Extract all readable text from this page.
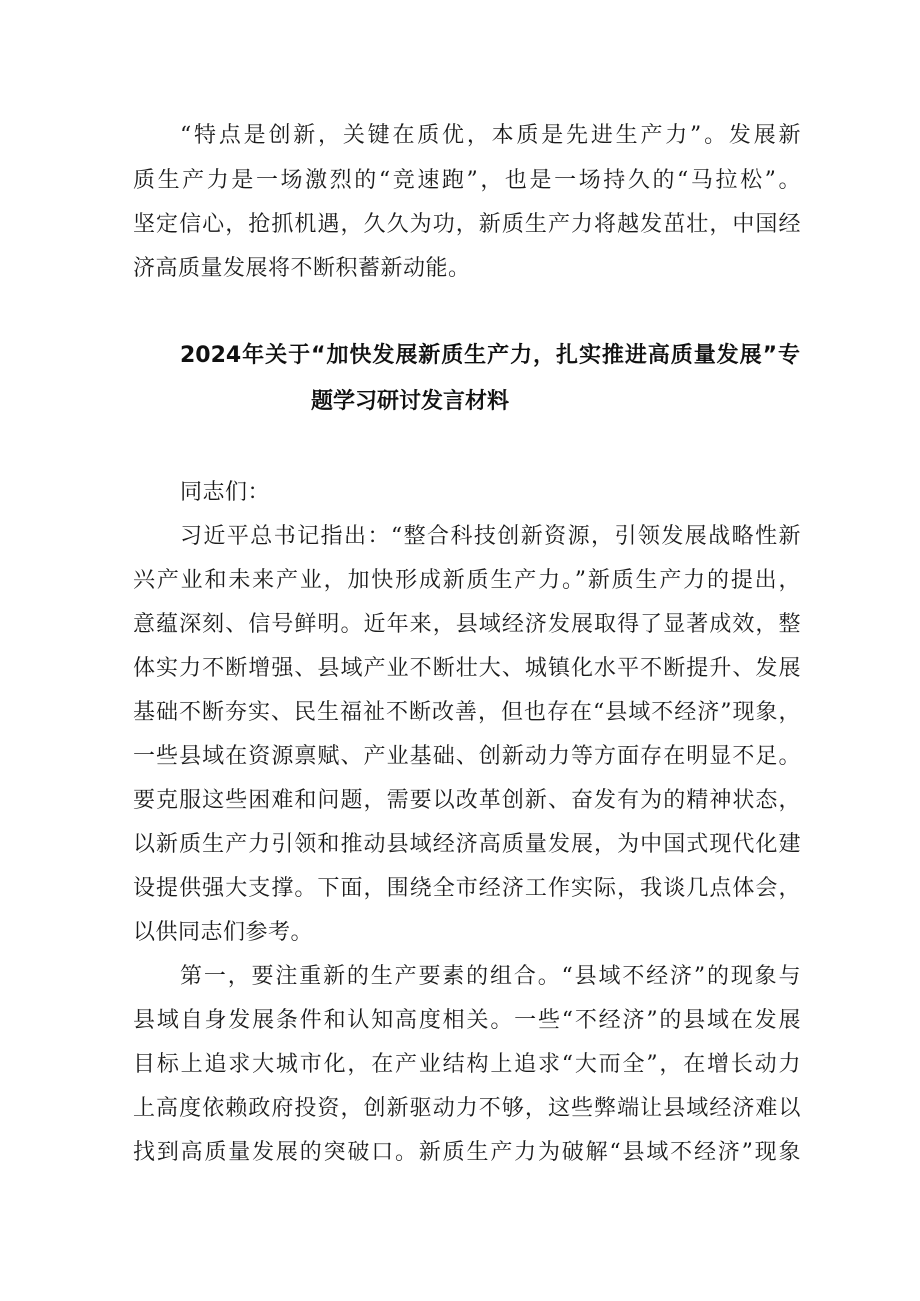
“特点是创新，关键在质优，本质是先进生产力”。发展新
质生产力是一场激烈的“竞速跑”，也是一场持久的“马拉松”。
坚定信心，抢抓机遇，久久为功，新质生产力将越发茁壮，中国经
济高质量发展将不断积蓄新动能。
2024年关于“加快发展新质生产力，扎实推进高质量发展”专
题学习研讨发言材料
同志们：
习近平总书记指出：“整合科技创新资源，引领发展战略性新
兴产业和未来产业，加快形成新质生产力。”新质生产力的提出，
意蕴深刻、信号鲜明。近年来，县域经济发展取得了显著成效，整
体实力不断增强、县域产业不断壮大、城镇化水平不断提升、发展
基础不断夯实、民生福祉不断改善，但也存在“县域不经济”现象，
一些县域在资源禀赋、产业基础、创新动力等方面存在明显不足。
要克服这些困难和问题，需要以改革创新、奋发有为的精神状态，
以新质生产力引领和推动县域经济高质量发展，为中国式现代化建
设提供强大支撑。下面，围绕全市经济工作实际，我谈几点体会，
以供同志们参考。
第一，要注重新的生产要素的组合。“县域不经济”的现象与
县域自身发展条件和认知高度相关。一些“不经济”的县域在发展
目标上追求大城市化，在产业结构上追求“大而全”，在增长动力
上高度依赖政府投资，创新驱动力不够，这些弊端让县域经济难以
找到高质量发展的突破口。新质生产力为破解“县域不经济”现象
